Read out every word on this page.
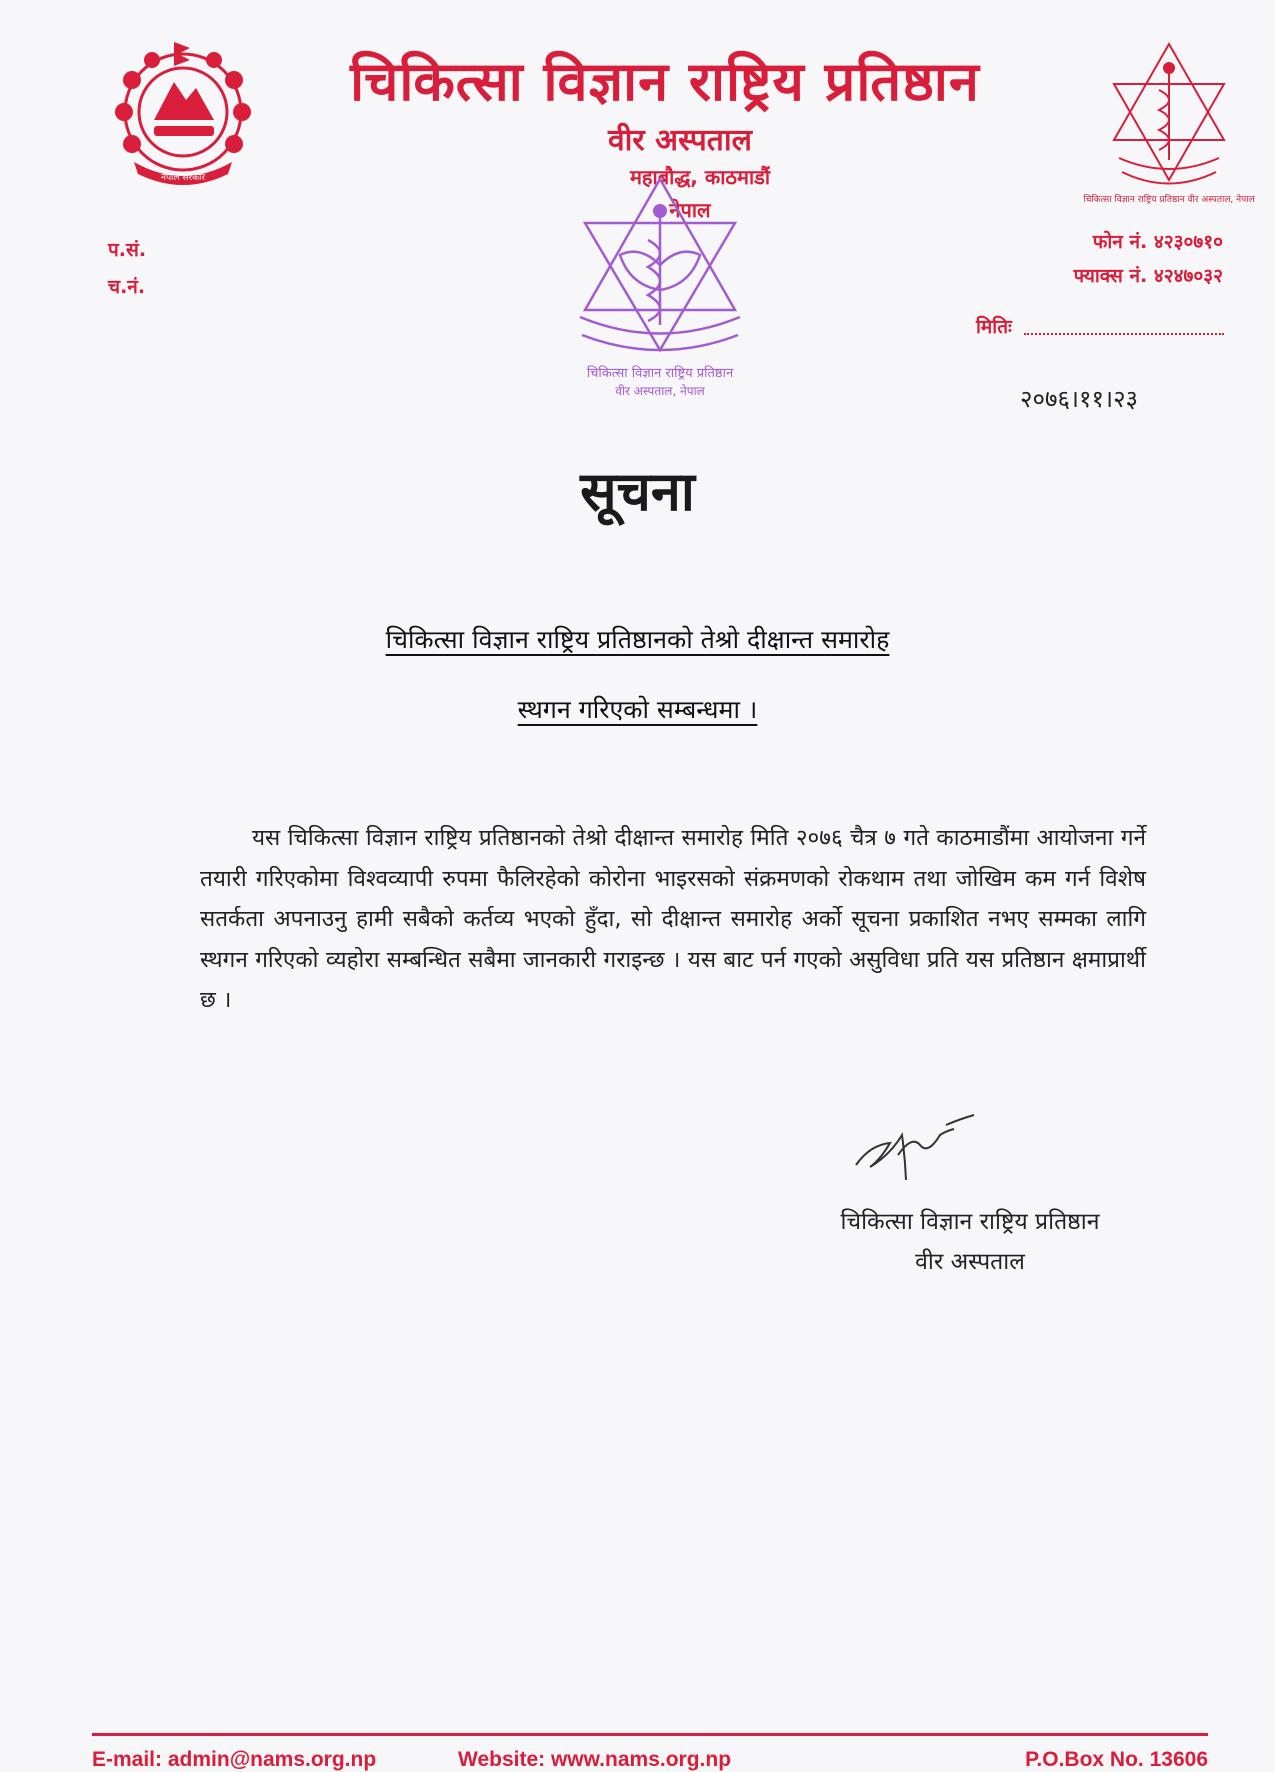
नेपाल सरकार
चिकित्सा विज्ञान राष्ट्रिय प्रतिष्ठान
वीर अस्पताल
महाबौद्ध, काठमाडौं
नेपाल	चिकित्सा विज्ञान राष्ट्रिय प्रतिष्ठान वीर अस्पताल, नेपाल
प.सं.
च.नं.
फोन नं. ४२३०७१०
फ्याक्स नं. ४२४७०३२
मितिः
चिकित्सा विज्ञान राष्ट्रिय प्रतिष्ठान
वीर अस्पताल, नेपाल	२०७६।११।२३
सूचना
चिकित्सा विज्ञान राष्ट्रिय प्रतिष्ठानको तेश्रो दीक्षान्त समारोह
स्थगन गरिएको सम्बन्धमा ।
यस चिकित्सा विज्ञान राष्ट्रिय प्रतिष्ठानको तेश्रो दीक्षान्त समारोह मिति २०७६ चैत्र ७ गते काठमाडौंमा आयोजना गर्ने तयारी गरिएकोमा विश्वव्यापी रुपमा फैलिरहेको कोरोना भाइरसको संक्रमणको रोकथाम तथा जोखिम कम गर्न विशेष सतर्कता अपनाउनु हामी सबैको कर्तव्य भएको हुँदा, सो दीक्षान्त समारोह अर्को सूचना प्रकाशित नभए सम्मका लागि स्थगन गरिएको व्यहोरा सम्बन्धित सबैमा जानकारी गराइन्छ । यस बाट पर्न गएको असुविधा प्रति यस प्रतिष्ठान क्षमाप्रार्थी छ ।
चिकित्सा विज्ञान राष्ट्रिय प्रतिष्ठान
वीर अस्पताल
E-mail: admin@nams.org.np	Website: www.nams.org.np	P.O.Box No. 13606
